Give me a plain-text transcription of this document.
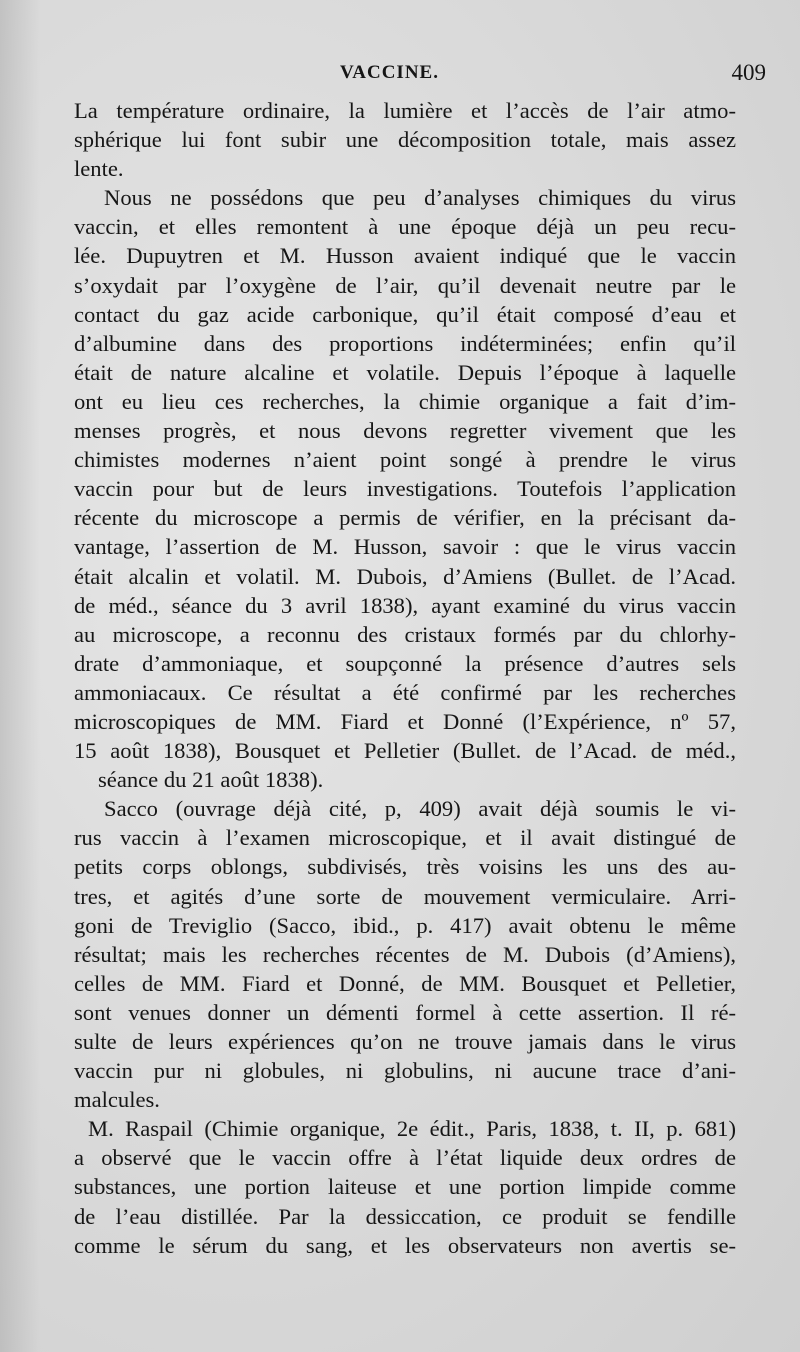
VACCINE.	409
La température ordinaire, la lumière et l’accès de l’air atmo-
sphérique lui font subir une décomposition totale, mais assez
lente.
Nous ne possédons que peu d’analyses chimiques du virus
vaccin, et elles remontent à une époque déjà un peu recu-
lée. Dupuytren et M. Husson avaient indiqué que le vaccin
s’oxydait par l’oxygène de l’air, qu’il devenait neutre par le
contact du gaz acide carbonique, qu’il était composé d’eau et
d’albumine dans des proportions indéterminées; enfin qu’il
était de nature alcaline et volatile. Depuis l’époque à laquelle
ont eu lieu ces recherches, la chimie organique a fait d’im-
menses progrès, et nous devons regretter vivement que les
chimistes modernes n’aient point songé à prendre le virus
vaccin pour but de leurs investigations. Toutefois l’application
récente du microscope a permis de vérifier, en la précisant da-
vantage, l’assertion de M. Husson, savoir : que le virus vaccin
était alcalin et volatil. M. Dubois, d’Amiens (Bullet. de l’Acad.
de méd., séance du 3 avril 1838), ayant examiné du virus vaccin
au microscope, a reconnu des cristaux formés par du chlorhy-
drate d’ammoniaque, et soupçonné la présence d’autres sels
ammoniacaux. Ce résultat a été confirmé par les recherches
microscopiques de MM. Fiard et Donné (l’Expérience, nº 57,
15 août 1838), Bousquet et Pelletier (Bullet. de l’Acad. de méd.,
séance du 21 août 1838).
Sacco (ouvrage déjà cité, p, 409) avait déjà soumis le vi-
rus vaccin à l’examen microscopique, et il avait distingué de
petits corps oblongs, subdivisés, très voisins les uns des au-
tres, et agités d’une sorte de mouvement vermiculaire. Arri-
goni de Treviglio (Sacco, ibid., p. 417) avait obtenu le même
résultat; mais les recherches récentes de M. Dubois (d’Amiens),
celles de MM. Fiard et Donné, de MM. Bousquet et Pelletier,
sont venues donner un démenti formel à cette assertion. Il ré-
sulte de leurs expériences qu’on ne trouve jamais dans le virus
vaccin pur ni globules, ni globulins, ni aucune trace d’ani-
malcules.
M. Raspail (Chimie organique, 2e édit., Paris, 1838, t. II, p. 681)
a observé que le vaccin offre à l’état liquide deux ordres de
substances, une portion laiteuse et une portion limpide comme
de l’eau distillée. Par la dessiccation, ce produit se fendille
comme le sérum du sang, et les observateurs non avertis se-
